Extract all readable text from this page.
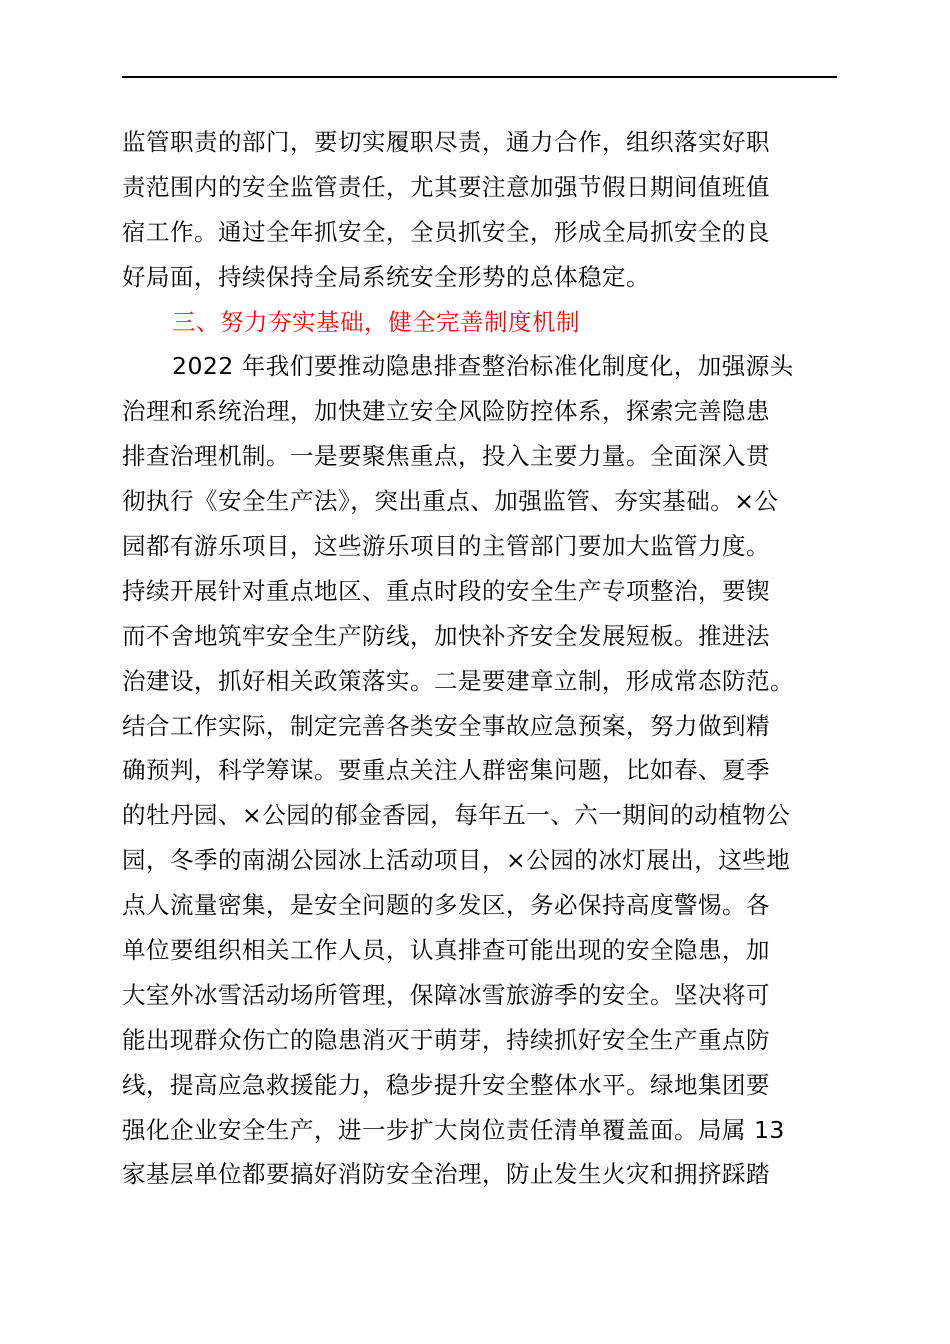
监管职责的部门，要切实履职尽责，通力合作，组织落实好职
责范围内的安全监管责任，尤其要注意加强节假日期间值班值
宿工作。通过全年抓安全，全员抓安全，形成全局抓安全的良
好局面，持续保持全局系统安全形势的总体稳定。
三、努力夯实基础，健全完善制度机制
2022 年我们要推动隐患排查整治标准化制度化，加强源头
治理和系统治理，加快建立安全风险防控体系，探索完善隐患
排查治理机制。一是要聚焦重点，投入主要力量。全面深入贯
彻执行《安全生产法》，突出重点、加强监管、夯实基础。×公
园都有游乐项目，这些游乐项目的主管部门要加大监管力度。
持续开展针对重点地区、重点时段的安全生产专项整治，要锲
而不舍地筑牢安全生产防线，加快补齐安全发展短板。推进法
治建设，抓好相关政策落实。二是要建章立制，形成常态防范。
结合工作实际，制定完善各类安全事故应急预案，努力做到精
确预判，科学筹谋。要重点关注人群密集问题，比如春、夏季
的牡丹园、×公园的郁金香园，每年五一、六一期间的动植物公
园，冬季的南湖公园冰上活动项目，×公园的冰灯展出，这些地
点人流量密集，是安全问题的多发区，务必保持高度警惕。各
单位要组织相关工作人员，认真排查可能出现的安全隐患，加
大室外冰雪活动场所管理，保障冰雪旅游季的安全。坚决将可
能出现群众伤亡的隐患消灭于萌芽，持续抓好安全生产重点防
线，提高应急救援能力，稳步提升安全整体水平。绿地集团要
强化企业安全生产，进一步扩大岗位责任清单覆盖面。局属 13
家基层单位都要搞好消防安全治理，防止发生火灾和拥挤踩踏
